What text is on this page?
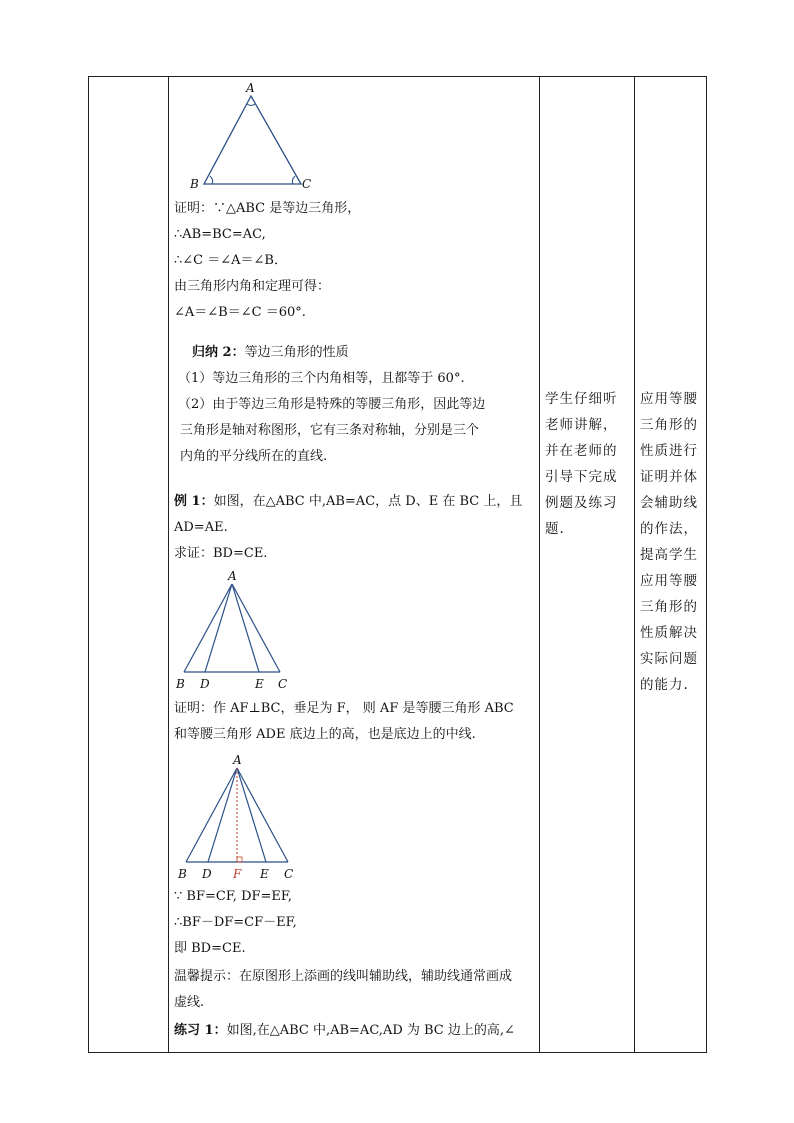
A
B	C
证明：∵△ABC 是等边三角形，
∴AB=BC=AC,
∴∠C ＝∠A＝∠B．
由三角形内角和定理可得：
∠A＝∠B＝∠C ＝60°.
归纳 2：等边三角形的性质
（1）等边三角形的三个内角相等，且都等于 60°.
（2）由于等边三角形是特殊的等腰三角形，因此等边
三角形是轴对称图形，它有三条对称轴，分别是三个
内角的平分线所在的直线.
例 1：如图，在△ABC 中,AB=AC，点 D、E 在 BC 上，且
AD=AE.
求证：BD=CE.
A
B D	E C
证明：作 AF⊥BC，垂足为 F， 则 AF 是等腰三角形 ABC
和等腰三角形 ADE 底边上的高，也是底边上的中线.
A
B D F E C
∵ BF=CF, DF=EF,
∴BF－DF=CF－EF,
即 BD=CE.
温馨提示：在原图形上添画的线叫辅助线，辅助线通常画成
虚线.
练习 1：如图,在△ABC 中,AB=AC,AD 为 BC 边上的高,∠
学生仔细听老师讲解，并在老师的引导下完成例题及练习题.
应用等腰三角形的性质进行证明并体会辅助线的作法，提高学生应用等腰三角形的性质解决实际问题的能力.
